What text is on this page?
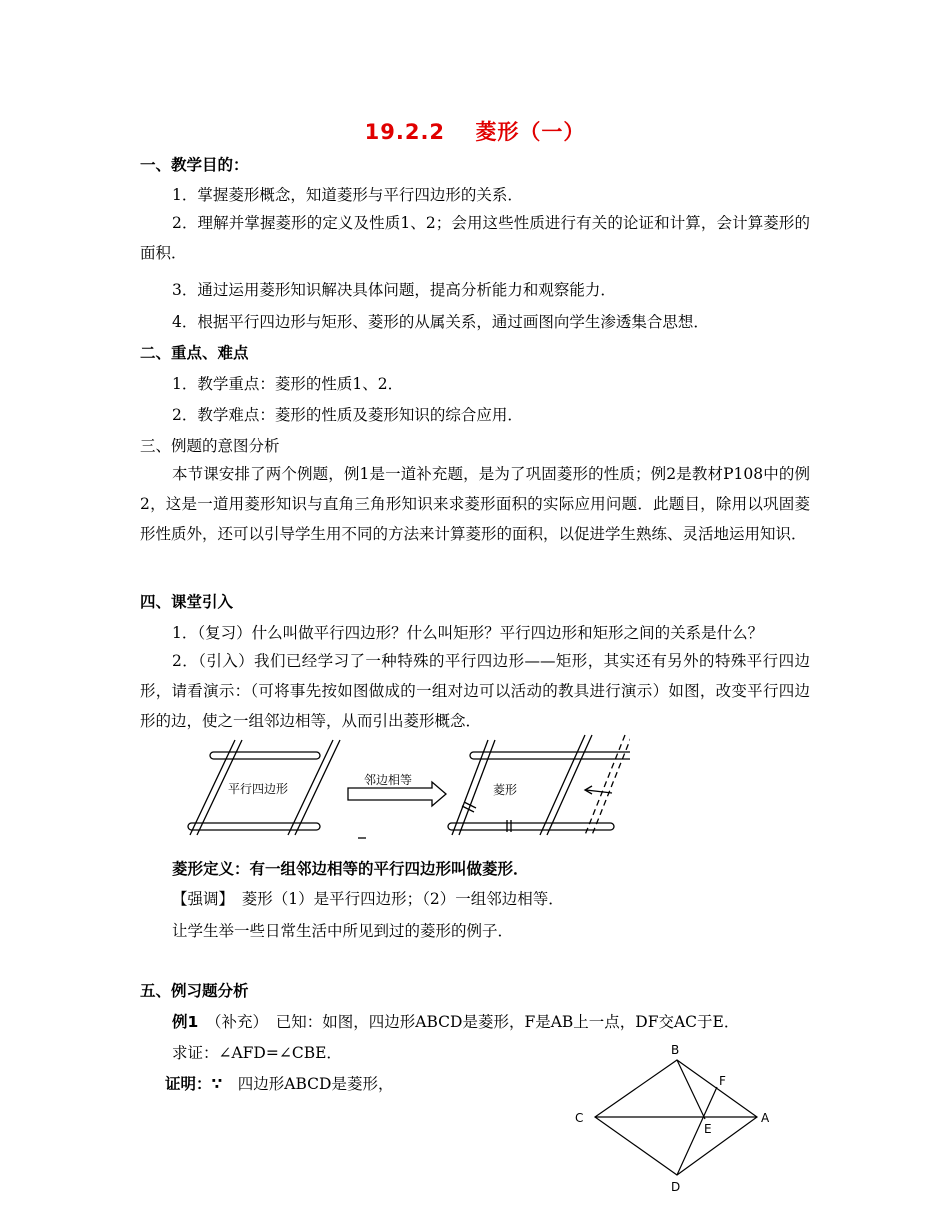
19.2.2　 菱形（一）
一、教学目的：
1．掌握菱形概念，知道菱形与平行四边形的关系．
2．理解并掌握菱形的定义及性质1、2；会用这些性质进行有关的论证和计算，会计算菱形的面积．
3．通过运用菱形知识解决具体问题，提高分析能力和观察能力．
4．根据平行四边形与矩形、菱形的从属关系，通过画图向学生渗透集合思想．
二、重点、难点
1．教学重点：菱形的性质1、2．
2．教学难点：菱形的性质及菱形知识的综合应用．
三、例题的意图分析
本节课安排了两个例题，例1是一道补充题，是为了巩固菱形的性质；例2是教材P108中的例2，这是一道用菱形知识与直角三角形知识来求菱形面积的实际应用问题．此题目，除用以巩固菱形性质外，还可以引导学生用不同的方法来计算菱形的面积，以促进学生熟练、灵活地运用知识．
四、课堂引入
1．（复习）什么叫做平行四边形？什么叫矩形？平行四边形和矩形之间的关系是什么？
2．（引入）我们已经学习了一种特殊的平行四边形——矩形，其实还有另外的特殊平行四边形，请看演示：（可将事先按如图做成的一组对边可以活动的教具进行演示）如图，改变平行四边形的边，使之一组邻边相等，从而引出菱形概念．
平行四边形
邻边相等
菱形
菱形定义：有一组邻边相等的平行四边形叫做菱形．
【强调】　菱形（1）是平行四边形；（2）一组邻边相等．
让学生举一些日常生活中所见到过的菱形的例子．
五、例习题分析
例1　（补充）　已知：如图，四边形ABCD是菱形，F是AB上一点，DF交AC于E．
求证：∠AFD=∠CBE．
证明：∵　四边形ABCD是菱形，
B
F
C
E
A
D
